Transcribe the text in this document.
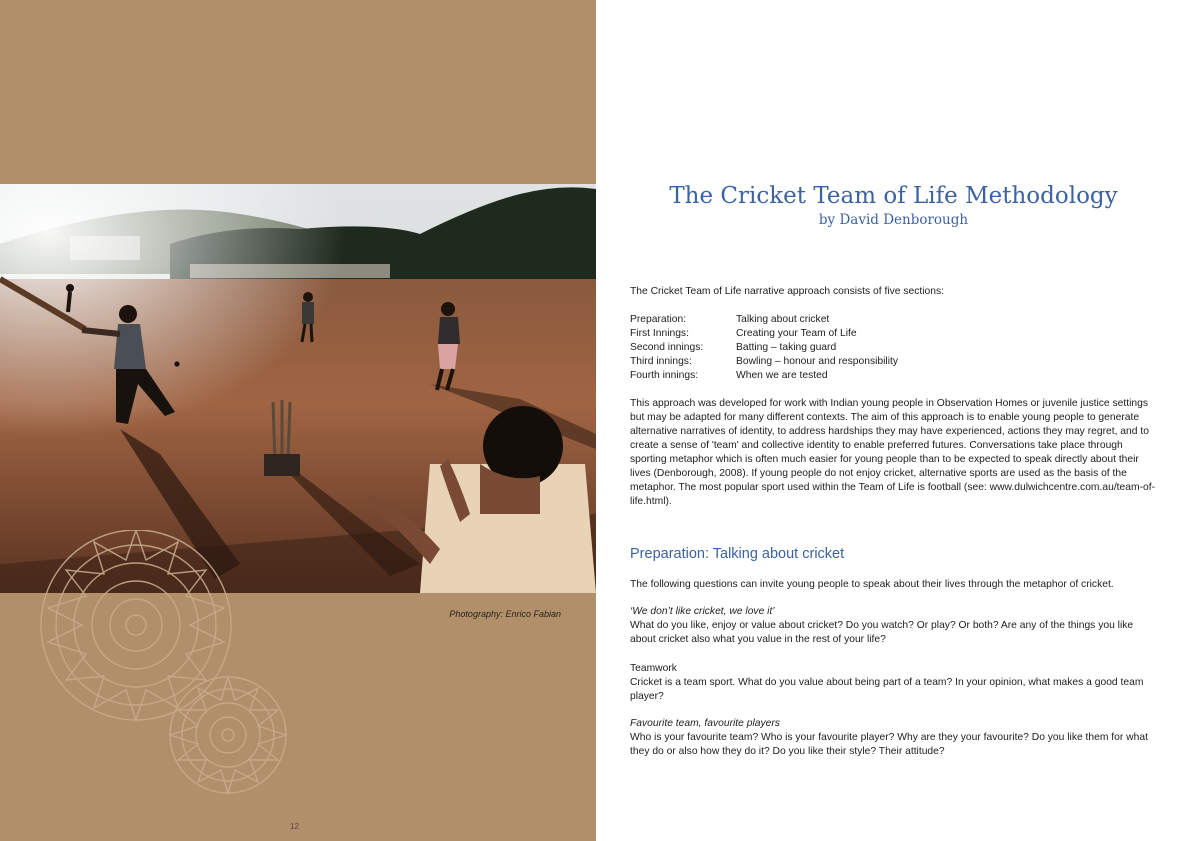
Photography: Enrico Fabian
12
The Cricket Team of Life Methodology
by David Denborough
The Cricket Team of Life narrative approach consists of five sections:
Preparation:	Talking about cricket
First Innings:	Creating your Team of Life
Second innings:	Batting – taking guard
Third innings:	Bowling – honour and responsibility
Fourth innings:	When we are tested
This approach was developed for work with Indian young people in Observation Homes or juvenile justice settings but may be adapted for many different contexts. The aim of this approach is to enable young people to generate alternative narratives of identity, to address hardships they may have experienced, actions they may regret, and to create a sense of 'team' and collective identity to enable preferred futures. Conversations take place through sporting metaphor which is often much easier for young people than to be expected to speak directly about their lives (Denborough, 2008). If young people do not enjoy cricket, alternative sports are used as the basis of the metaphor. The most popular sport used within the Team of Life is football (see: www.dulwichcentre.com.au/team-of-life.html).
Preparation: Talking about cricket
The following questions can invite young people to speak about their lives through the metaphor of cricket.
‘We don’t like cricket, we love it’
What do you like, enjoy or value about cricket? Do you watch? Or play? Or both? Are any of the things you like about cricket also what you value in the rest of your life?
Teamwork
Cricket is a team sport. What do you value about being part of a team? In your opinion, what makes a good team player?
Favourite team, favourite players
Who is your favourite team? Who is your favourite player? Why are they your favourite? Do you like them for what they do or also how they do it? Do you like their style? Their attitude?
